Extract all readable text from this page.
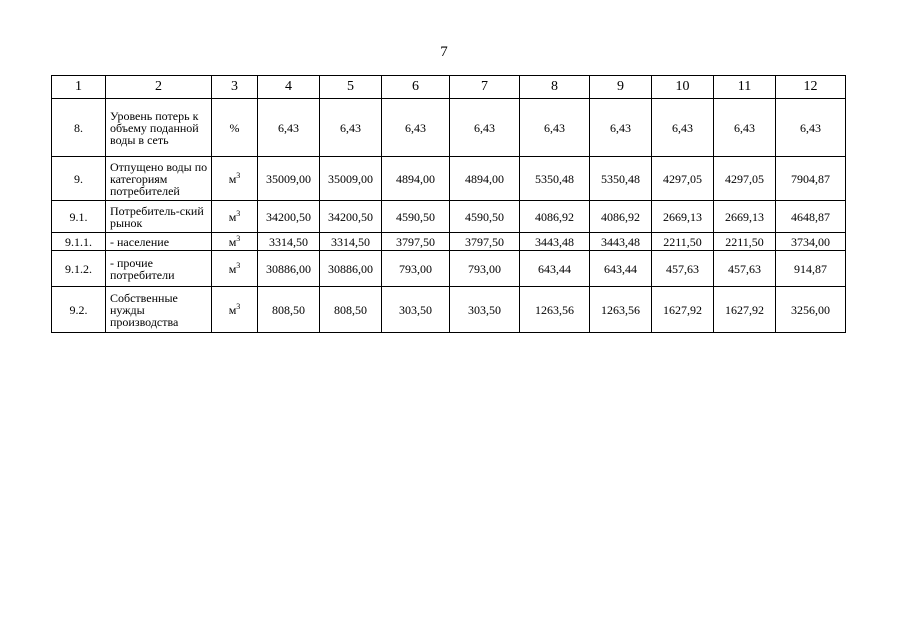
7
1	2	3	4	5	6	7	8	9	10	11	12
8.	Уровень потерь к объему поданной воды в сеть	%	6,43	6,43	6,43	6,43	6,43	6,43	6,43	6,43	6,43
9.	Отпущено воды по категориям потребителей	$м^3$	35009,00	35009,00	4894,00	4894,00	5350,48	5350,48	4297,05	4297,05	7904,87
9.1.	Потребитель-ский рынок	$м^3$	34200,50	34200,50	4590,50	4590,50	4086,92	4086,92	2669,13	2669,13	4648,87
9.1.1.	- население	$м^3$	3314,50	3314,50	3797,50	3797,50	3443,48	3443,48	2211,50	2211,50	3734,00
9.1.2.	- прочие потребители	$м^3$	30886,00	30886,00	793,00	793,00	643,44	643,44	457,63	457,63	914,87
9.2.	Собственные нужды производства	$м^3$	808,50	808,50	303,50	303,50	1263,56	1263,56	1627,92	1627,92	3256,00
